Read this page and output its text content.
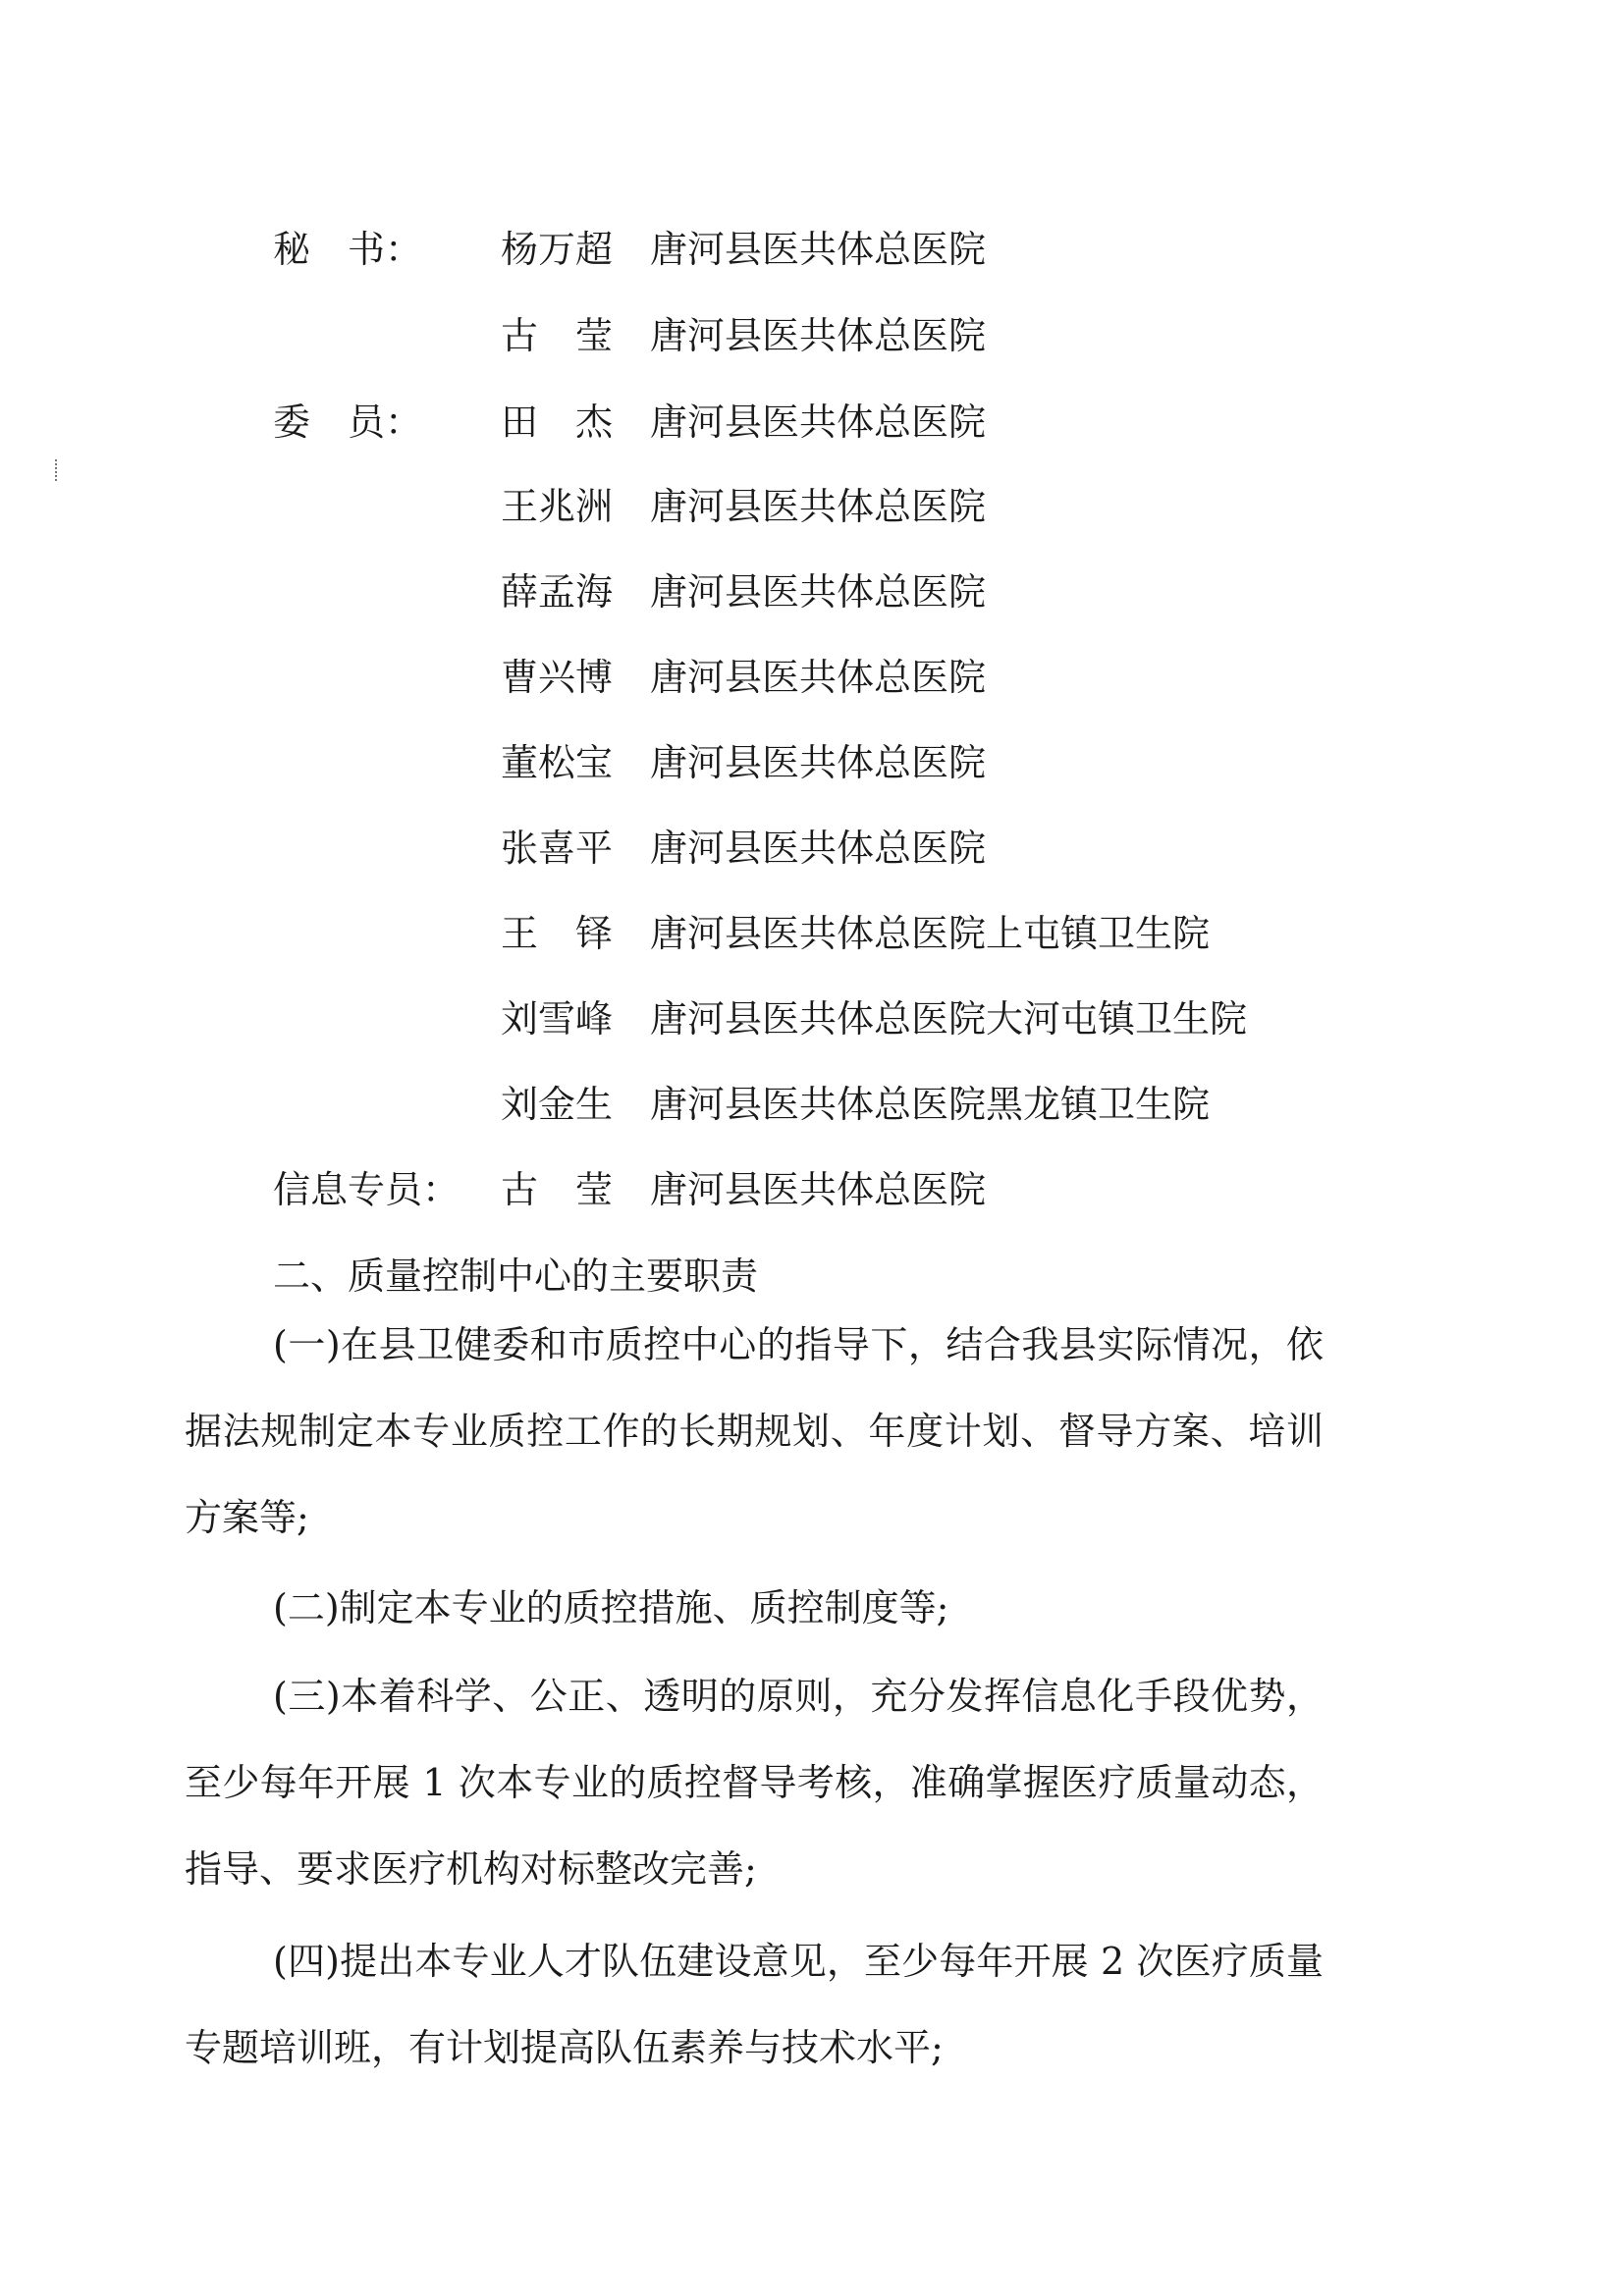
秘　书：	杨万超 唐河县医共体总医院
古　莹 唐河县医共体总医院
委　员：	田　杰 唐河县医共体总医院
王兆洲 唐河县医共体总医院
薛孟海 唐河县医共体总医院
曹兴博 唐河县医共体总医院
董松宝 唐河县医共体总医院
张喜平 唐河县医共体总医院
王　铎 唐河县医共体总医院上屯镇卫生院
刘雪峰 唐河县医共体总医院大河屯镇卫生院
刘金生 唐河县医共体总医院黑龙镇卫生院
信息专员： 古　莹 唐河县医共体总医院
二、质量控制中心的主要职责

(一)在县卫健委和市质控中心的指导下，结合我县实际情况，依据法规制定本专业质控工作的长期规划、年度计划、督导方案、培训方案等;

(二)制定本专业的质控措施、质控制度等;

(三)本着科学、公正、透明的原则，充分发挥信息化手段优势，至少每年开展 1 次本专业的质控督导考核，准确掌握医疗质量动态，指导、要求医疗机构对标整改完善;

(四)提出本专业人才队伍建设意见，至少每年开展 2 次医疗质量专题培训班，有计划提高队伍素养与技术水平;
